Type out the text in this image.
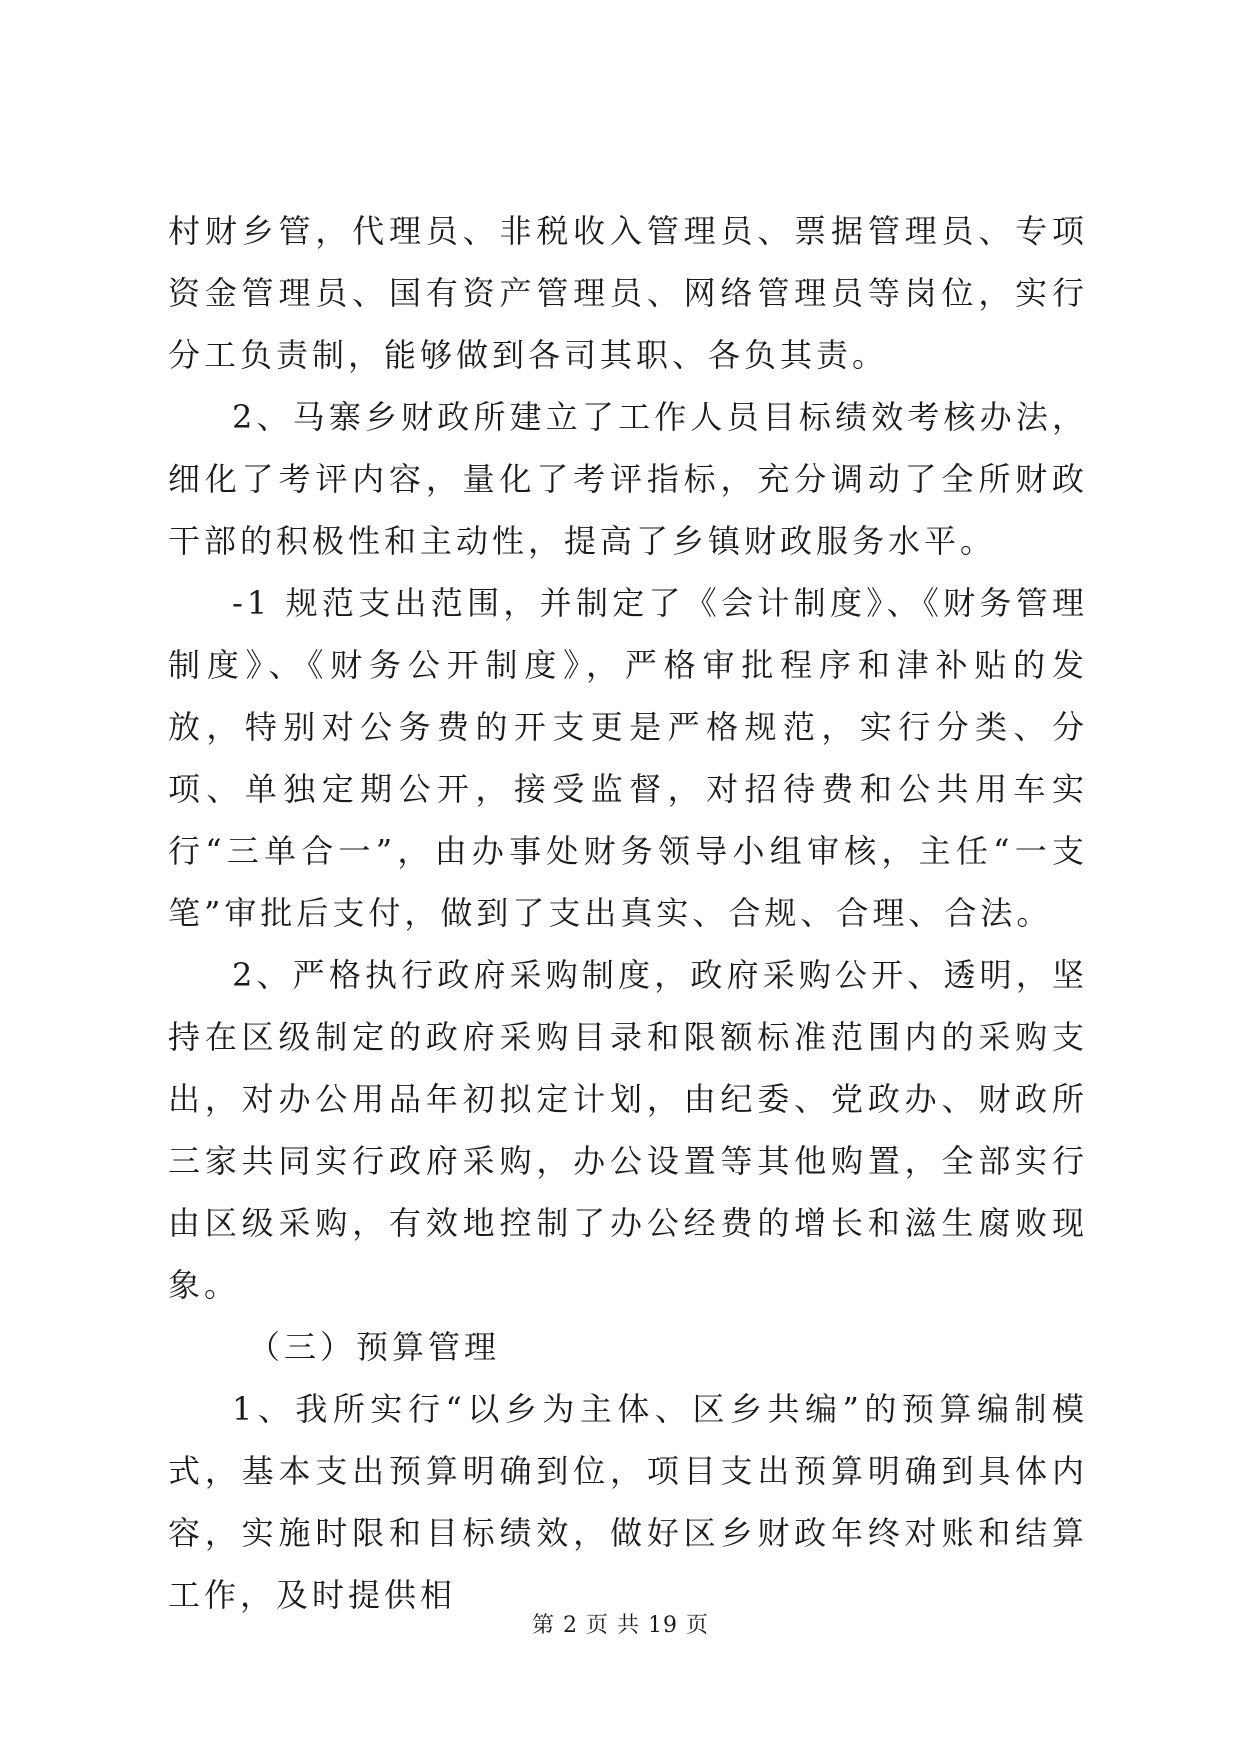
村财乡管，代理员、非税收入管理员、票据管理员、专项资金管理员、国有资产管理员、网络管理员等岗位，实行分工负责制，能够做到各司其职、各负其责。

2、马寨乡财政所建立了工作人员目标绩效考核办法，细化了考评内容，量化了考评指标，充分调动了全所财政干部的积极性和主动性，提高了乡镇财政服务水平。

-1 规范支出范围，并制定了《会计制度》、《财务管理制度》、《财务公开制度》，严格审批程序和津补贴的发放，特别对公务费的开支更是严格规范，实行分类、分项、单独定期公开，接受监督，对招待费和公共用车实行“三单合一”，由办事处财务领导小组审核，主任“一支笔”审批后支付，做到了支出真实、合规、合理、合法。

2、严格执行政府采购制度，政府采购公开、透明，坚持在区级制定的政府采购目录和限额标准范围内的采购支出，对办公用品年初拟定计划，由纪委、党政办、财政所三家共同实行政府采购，办公设置等其他购置，全部实行由区级采购，有效地控制了办公经费的增长和滋生腐败现象。

（三）预算管理

1、我所实行“以乡为主体、区乡共编”的预算编制模式，基本支出预算明确到位，项目支出预算明确到具体内容，实施时限和目标绩效，做好区乡财政年终对账和结算工作，及时提供相

第 2 页 共 19 页
